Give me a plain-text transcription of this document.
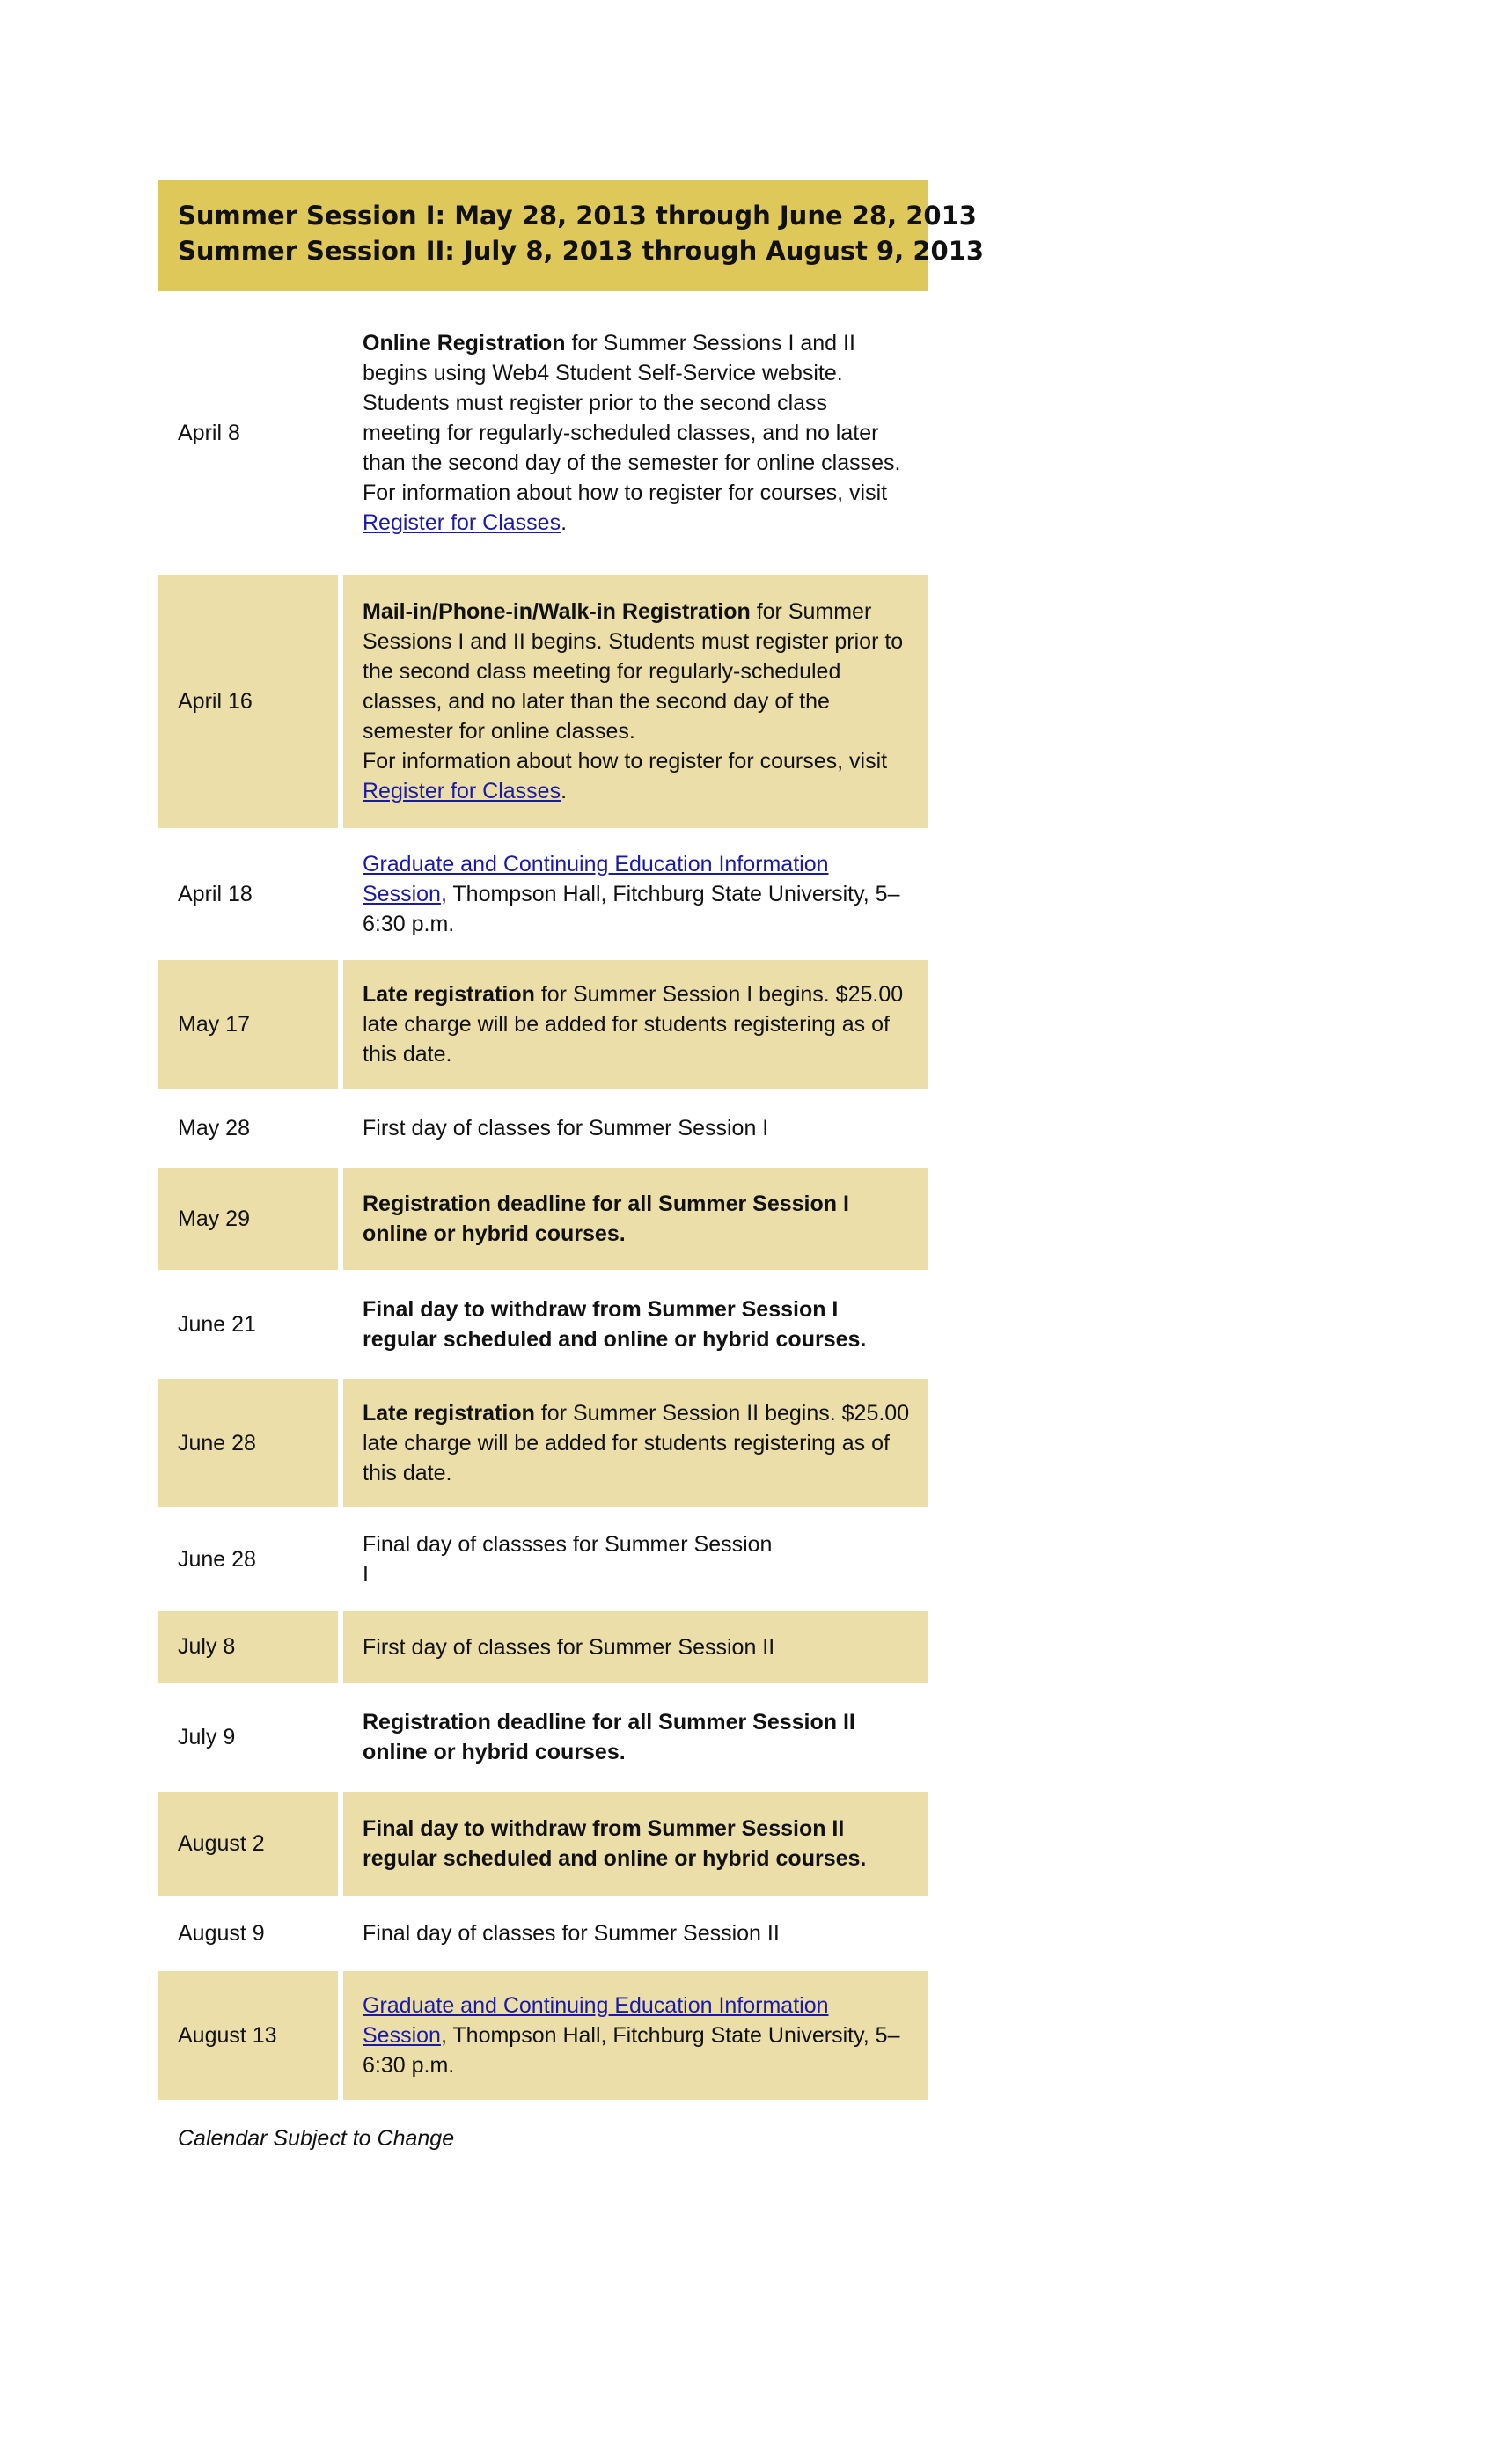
Summer Session I: May 28, 2013 through June 28, 2013
Summer Session II: July 8, 2013 through August 9, 2013
April 8
Online Registration for Summer Sessions I and II begins using Web4 Student Self-Service website. Students must register prior to the second class meeting for regularly-scheduled classes, and no later than the second day of the semester for online classes.
For information about how to register for courses, visit Register for Classes.
April 16
Mail-in/Phone-in/Walk-in Registration for Summer Sessions I and II begins. Students must register prior to the second class meeting for regularly-scheduled classes, and no later than the second day of the semester for online classes.
For information about how to register for courses, visit Register for Classes.
April 18
Graduate and Continuing Education Information Session, Thompson Hall, Fitchburg State University, 5–6:30 p.m.
May 17
Late registration for Summer Session I begins. $25.00 late charge will be added for students registering as of this date.
May 28	First day of classes for Summer Session I
May 29
Registration deadline for all Summer Session I online or hybrid courses.
June 21
Final day to withdraw from Summer Session I regular scheduled and online or hybrid courses.
June 28
Late registration for Summer Session II begins. $25.00 late charge will be added for students registering as of this date.
June 28
Final day of classses for Summer Session
I
July 8	First day of classes for Summer Session II
July 9
Registration deadline for all Summer Session II online or hybrid courses.
August 2
Final day to withdraw from Summer Session II regular scheduled and online or hybrid courses.
August 9	Final day of classes for Summer Session II
August 13
Graduate and Continuing Education Information Session, Thompson Hall, Fitchburg State University, 5–6:30 p.m.
Calendar Subject to Change
